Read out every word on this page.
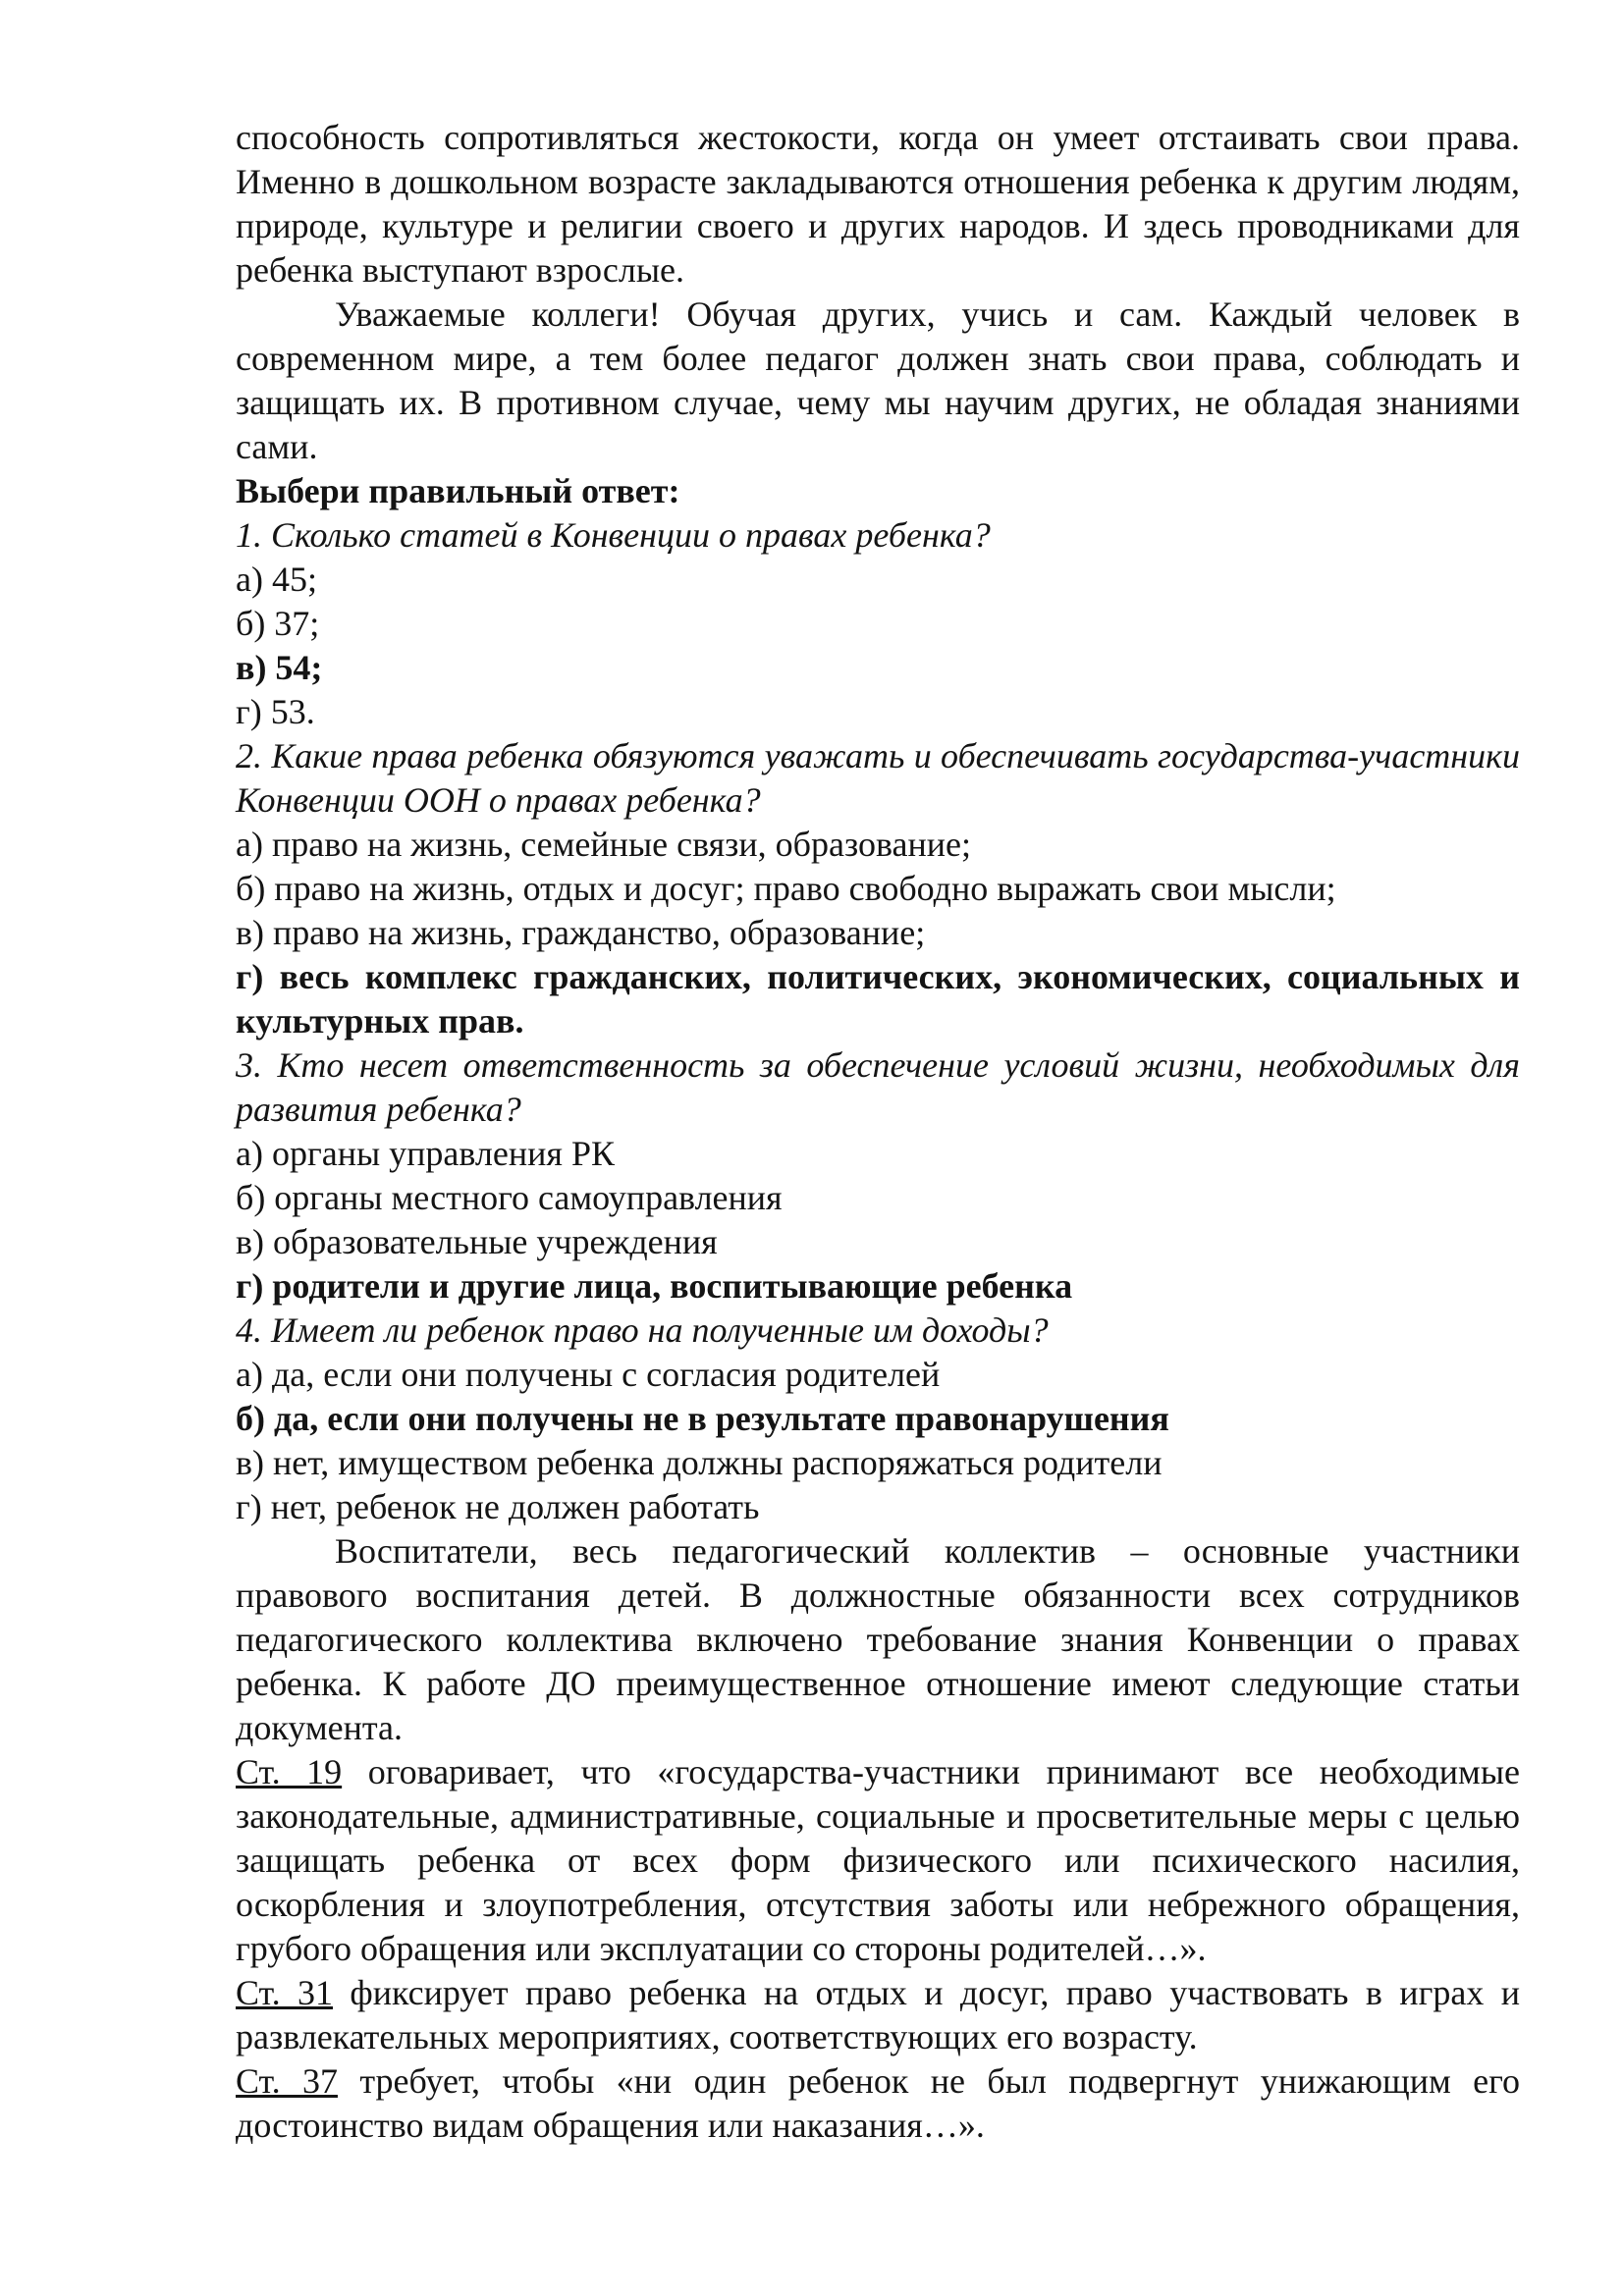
способность сопротивляться жестокости, когда он умеет отстаивать свои права. Именно в дошкольном возрасте закладываются отношения ребенка к другим людям, природе, культуре и религии своего и других народов. И здесь проводниками для ребенка выступают взрослые.

Уважаемые коллеги! Обучая других, учись и сам. Каждый человек в современном мире, а тем более педагог должен знать свои права, соблюдать и защищать их. В противном случае, чему мы научим других, не обладая знаниями сами.

Выбери правильный ответ:

1. Сколько статей в Конвенции о правах ребенка?

а) 45;
б) 37;
в) 54;
г) 53.

2. Какие права ребенка обязуются уважать и обеспечивать государства-участники Конвенции ООН о правах ребенка?

а) право на жизнь, семейные связи, образование;
б) право на жизнь, отдых и досуг; право свободно выражать свои мысли;
в) право на жизнь, гражданство, образование;

г) весь комплекс гражданских, политических, экономических, социальных и культурных прав.

3. Кто несет ответственность за обеспечение условий жизни, необходимых для развития ребенка?

а) органы управления РК
б) органы местного самоуправления
в) образовательные учреждения
г) родители и другие лица, воспитывающие ребенка

4. Имеет ли ребенок право на полученные им доходы?

а) да, если они получены с согласия родителей
б) да, если они получены не в результате правонарушения
в) нет, имуществом ребенка должны распоряжаться родители
г) нет, ребенок не должен работать

Воспитатели, весь педагогический коллектив – основные участники правового воспитания детей. В должностные обязанности всех сотрудников педагогического коллектива включено требование знания Конвенции о правах ребенка. К работе ДО преимущественное отношение имеют следующие статьи документа.

Ст. 19 оговаривает, что «государства-участники принимают все необходимые законодательные, административные, социальные и просветительные меры с целью защищать ребенка от всех форм физического или психического насилия, оскорбления и злоупотребления, отсутствия заботы или небрежного обращения, грубого обращения или эксплуатации со стороны родителей…».

Ст. 31 фиксирует право ребенка на отдых и досуг, право участвовать в играх и развлекательных мероприятиях, соответствующих его возрасту.

Ст. 37 требует, чтобы «ни один ребенок не был подвергнут унижающим его достоинство видам обращения или наказания…».
